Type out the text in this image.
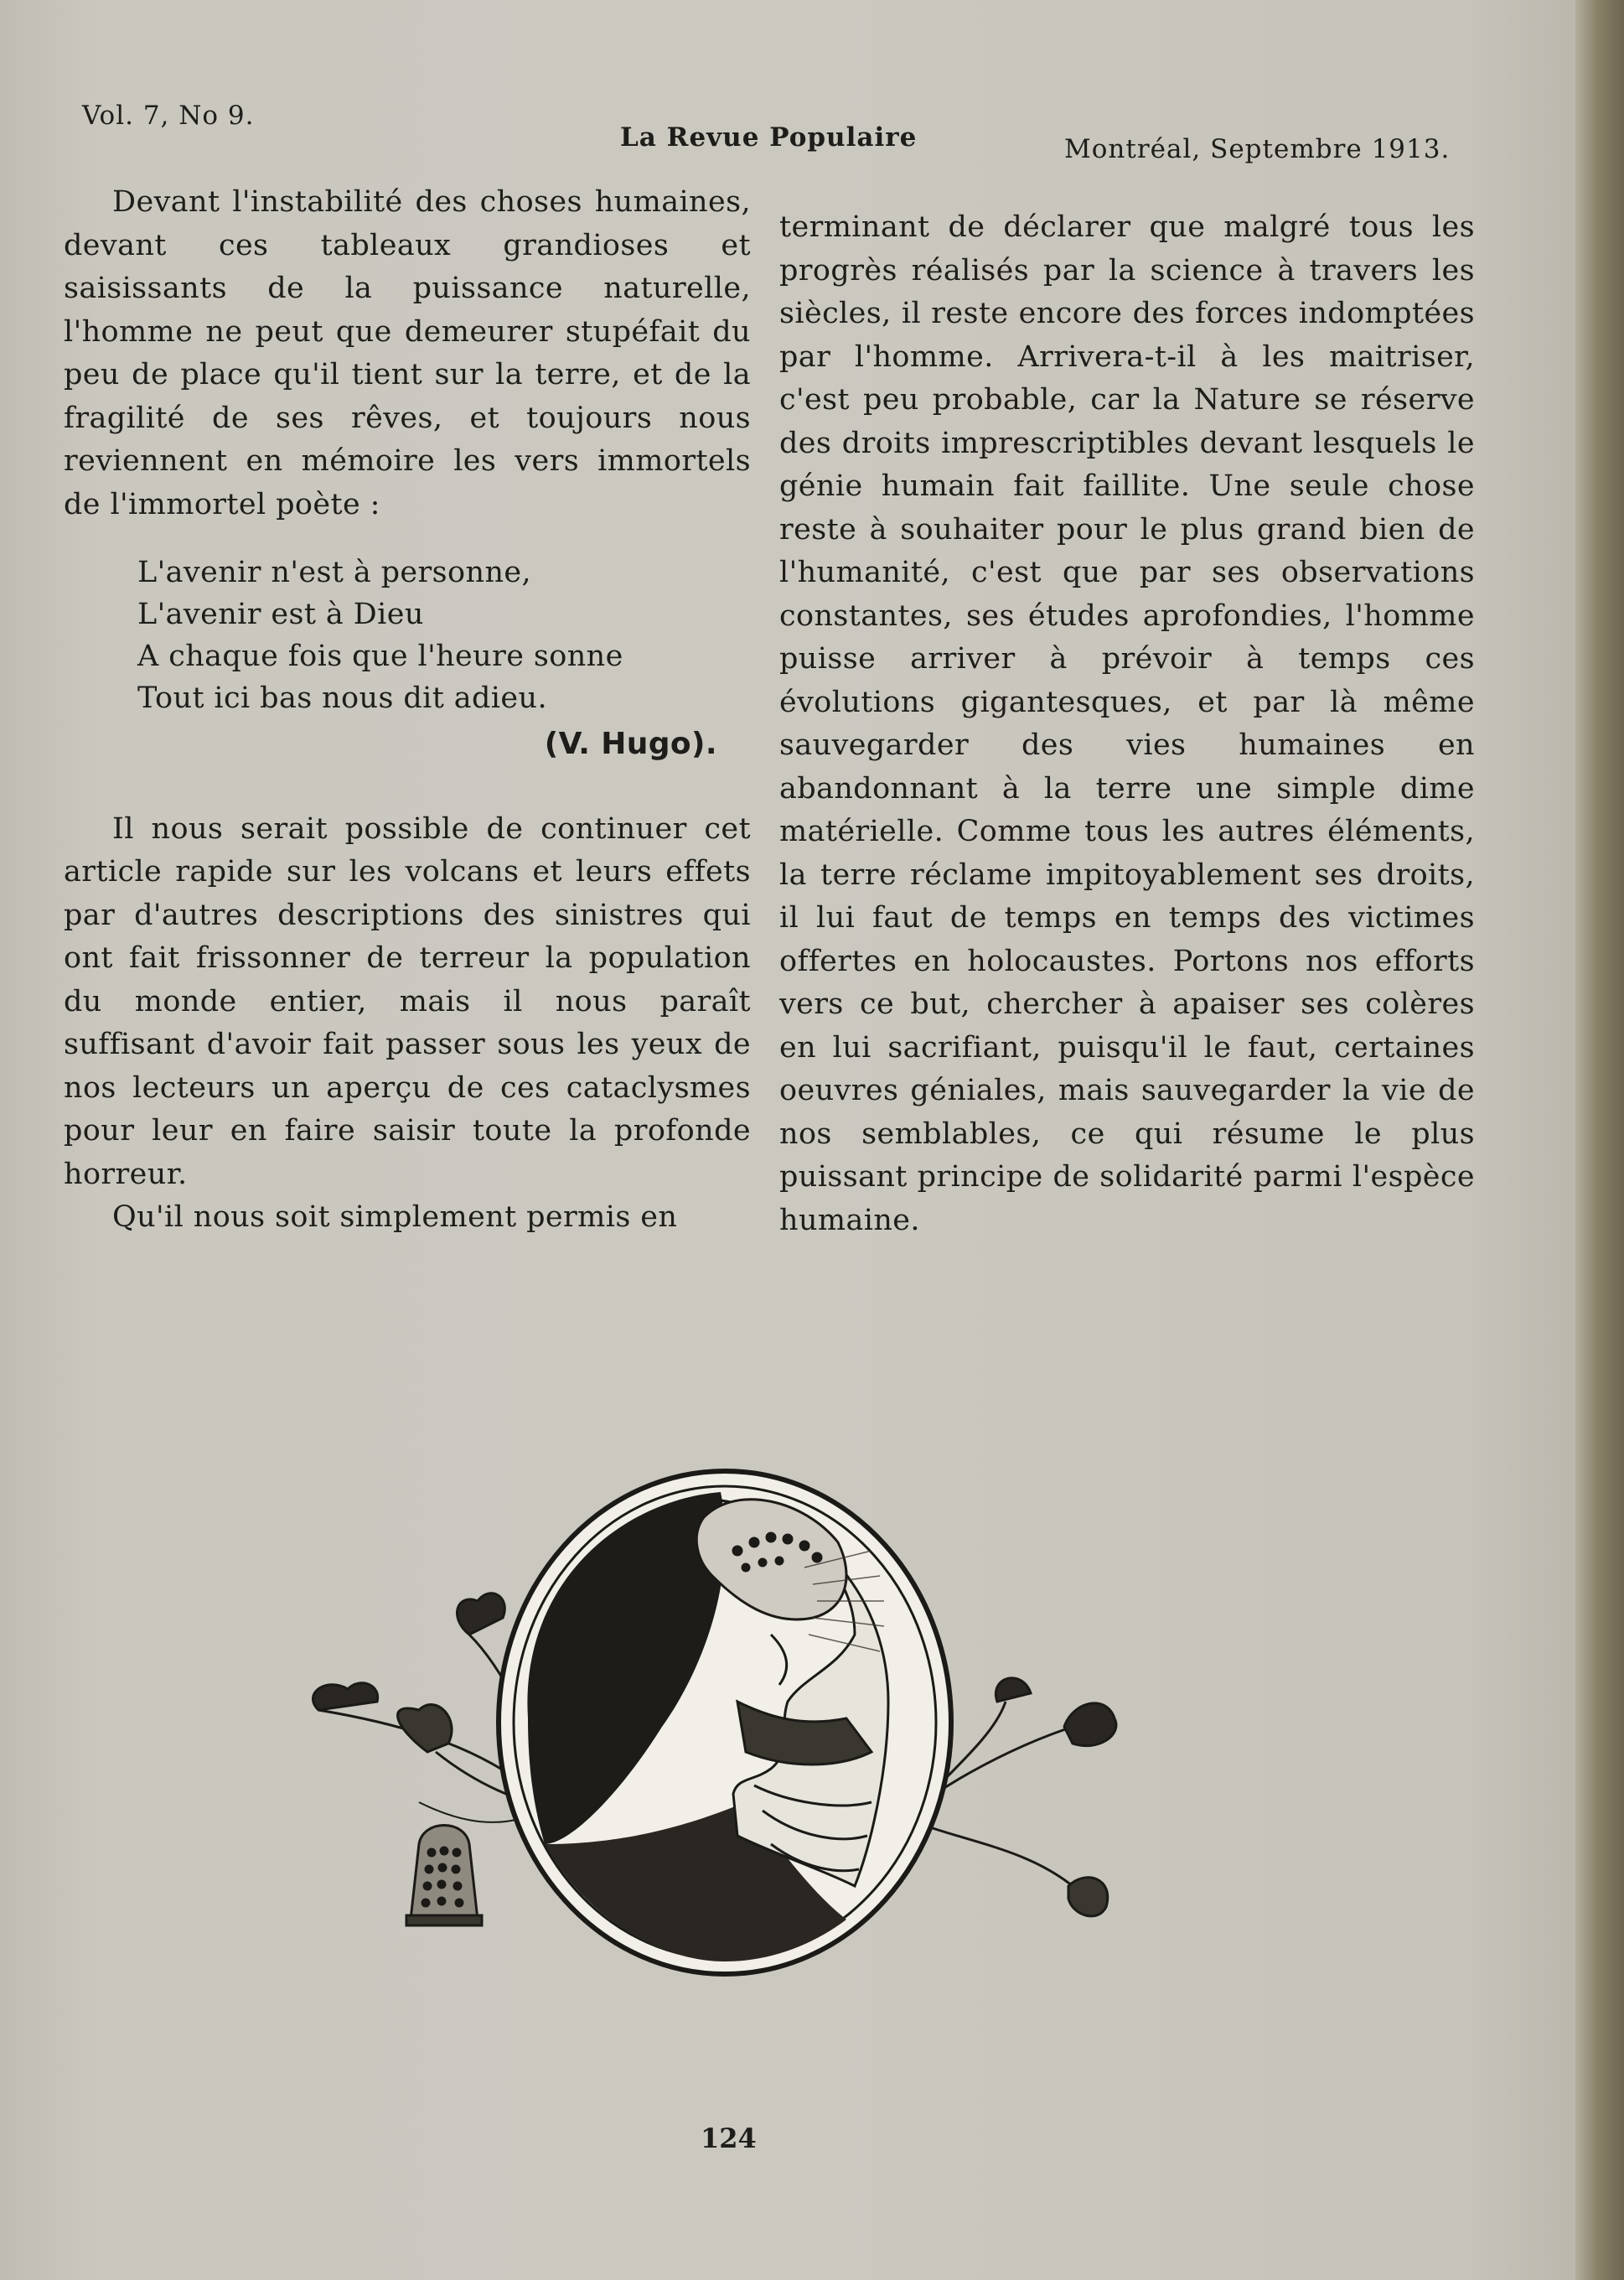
Vol. 7, No 9.
La Revue Populaire	Montréal, Septembre 1913.

Devant l'instabilité des choses humaines, devant ces tableaux grandioses et saisissants de la puissance naturelle, l'homme ne peut que demeurer stupéfait du peu de place qu'il tient sur la terre, et de la fragilité de ses rêves, et toujours nous reviennent en mémoire les vers immortels de l'immortel poète :

L'avenir n'est à personne,
L'avenir est à Dieu
A chaque fois que l'heure sonne
Tout ici bas nous dit adieu.

(V. Hugo).

Il nous serait possible de continuer cet article rapide sur les volcans et leurs effets par d'autres descriptions des sinistres qui ont fait frissonner de terreur la population du monde entier, mais il nous paraît suffisant d'avoir fait passer sous les yeux de nos lecteurs un aperçu de ces cataclysmes pour leur en faire saisir toute la profonde horreur.

Qu'il nous soit simplement permis en

terminant de déclarer que malgré tous les progrès réalisés par la science à travers les siècles, il reste encore des forces indomptées par l'homme. Arrivera-t-il à les maitriser, c'est peu probable, car la Nature se réserve des droits imprescriptibles devant lesquels le génie humain fait faillite. Une seule chose reste à souhaiter pour le plus grand bien de l'humanité, c'est que par ses observations constantes, ses études aprofondies, l'homme puisse arriver à prévoir à temps ces évolutions gigantesques, et par là même sauvegarder des vies humaines en abandonnant à la terre une simple dime matérielle. Comme tous les autres éléments, la terre réclame impitoyablement ses droits, il lui faut de temps en temps des victimes offertes en holocaustes. Portons nos efforts vers ce but, chercher à apaiser ses colères en lui sacrifiant, puisqu'il le faut, certaines oeuvres géniales, mais sauvegarder la vie de nos semblables, ce qui résume le plus puissant principe de solidarité parmi l'espèce humaine.

124
